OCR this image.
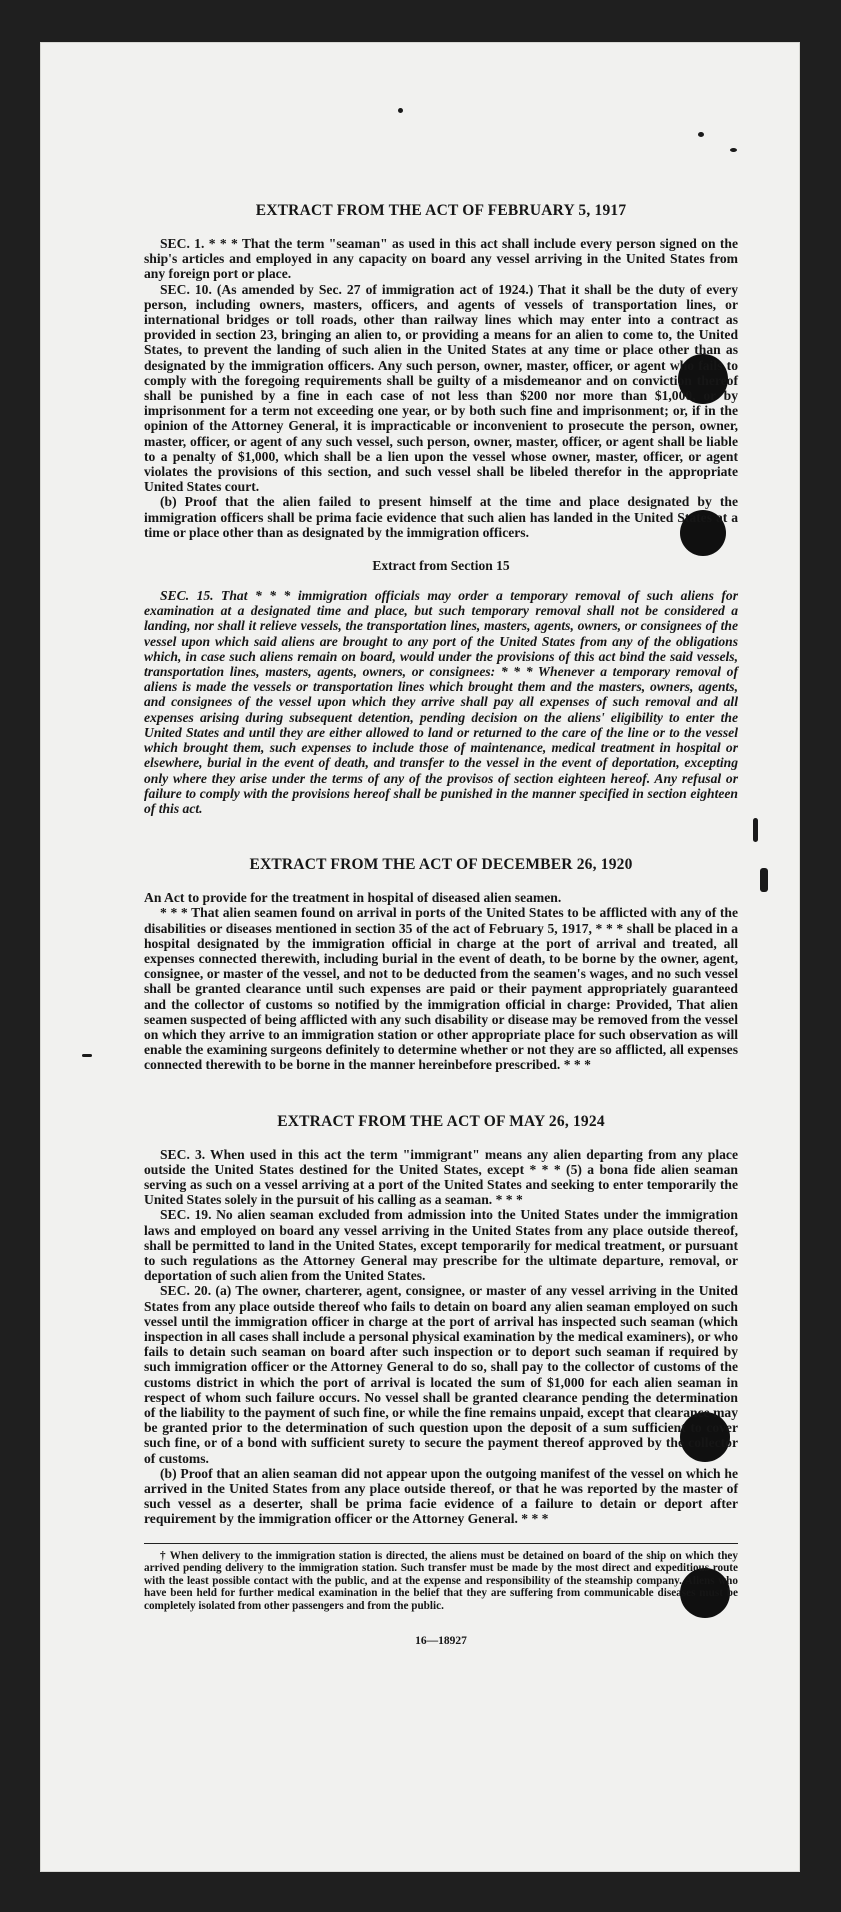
EXTRACT FROM THE ACT OF FEBRUARY 5, 1917

SEC. 1. * * * That the term "seaman" as used in this act shall include every person signed on the ship's articles and employed in any capacity on board any vessel arriving in the United States from any foreign port or place.

SEC. 10. (As amended by Sec. 27 of immigration act of 1924.) That it shall be the duty of every person, including owners, masters, officers, and agents of vessels of transportation lines, or international bridges or toll roads, other than railway lines which may enter into a contract as provided in section 23, bringing an alien to, or providing a means for an alien to come to, the United States, to prevent the landing of such alien in the United States at any time or place other than as designated by the immigration officers. Any such person, owner, master, officer, or agent who fails to comply with the foregoing requirements shall be guilty of a misdemeanor and on conviction thereof shall be punished by a fine in each case of not less than $200 nor more than $1,000, or by imprisonment for a term not exceeding one year, or by both such fine and imprisonment; or, if in the opinion of the Attorney General, it is impracticable or inconvenient to prosecute the person, owner, master, officer, or agent of any such vessel, such person, owner, master, officer, or agent shall be liable to a penalty of $1,000, which shall be a lien upon the vessel whose owner, master, officer, or agent violates the provisions of this section, and such vessel shall be libeled therefor in the appropriate United States court.

(b) Proof that the alien failed to present himself at the time and place designated by the immigration officers shall be prima facie evidence that such alien has landed in the United States at a time or place other than as designated by the immigration officers.

Extract from Section 15

SEC. 15. That * * * immigration officials may order a temporary removal of such aliens for examination at a designated time and place, but such temporary removal shall not be considered a landing, nor shall it relieve vessels, the transportation lines, masters, agents, owners, or consignees of the vessel upon which said aliens are brought to any port of the United States from any of the obligations which, in case such aliens remain on board, would under the provisions of this act bind the said vessels, transportation lines, masters, agents, owners, or consignees: * * * Whenever a temporary removal of aliens is made the vessels or transportation lines which brought them and the masters, owners, agents, and consignees of the vessel upon which they arrive shall pay all expenses of such removal and all expenses arising during subsequent detention, pending decision on the aliens' eligibility to enter the United States and until they are either allowed to land or returned to the care of the line or to the vessel which brought them, such expenses to include those of maintenance, medical treatment in hospital or elsewhere, burial in the event of death, and transfer to the vessel in the event of deportation, excepting only where they arise under the terms of any of the provisos of section eighteen hereof. Any refusal or failure to comply with the provisions hereof shall be punished in the manner specified in section eighteen of this act.

EXTRACT FROM THE ACT OF DECEMBER 26, 1920

An Act to provide for the treatment in hospital of diseased alien seamen.

* * * That alien seamen found on arrival in ports of the United States to be afflicted with any of the disabilities or diseases mentioned in section 35 of the act of February 5, 1917, * * * shall be placed in a hospital designated by the immigration official in charge at the port of arrival and treated, all expenses connected therewith, including burial in the event of death, to be borne by the owner, agent, consignee, or master of the vessel, and not to be deducted from the seamen's wages, and no such vessel shall be granted clearance until such expenses are paid or their payment appropriately guaranteed and the collector of customs so notified by the immigration official in charge: Provided, That alien seamen suspected of being afflicted with any such disability or disease may be removed from the vessel on which they arrive to an immigration station or other appropriate place for such observation as will enable the examining surgeons definitely to determine whether or not they are so afflicted, all expenses connected therewith to be borne in the manner hereinbefore prescribed. * * *

EXTRACT FROM THE ACT OF MAY 26, 1924

SEC. 3. When used in this act the term "immigrant" means any alien departing from any place outside the United States destined for the United States, except * * * (5) a bona fide alien seaman serving as such on a vessel arriving at a port of the United States and seeking to enter temporarily the United States solely in the pursuit of his calling as a seaman. * * *

SEC. 19. No alien seaman excluded from admission into the United States under the immigration laws and employed on board any vessel arriving in the United States from any place outside thereof, shall be permitted to land in the United States, except temporarily for medical treatment, or pursuant to such regulations as the Attorney General may prescribe for the ultimate departure, removal, or deportation of such alien from the United States.

SEC. 20. (a) The owner, charterer, agent, consignee, or master of any vessel arriving in the United States from any place outside thereof who fails to detain on board any alien seaman employed on such vessel until the immigration officer in charge at the port of arrival has inspected such seaman (which inspection in all cases shall include a personal physical examination by the medical examiners), or who fails to detain such seaman on board after such inspection or to deport such seaman if required by such immigration officer or the Attorney General to do so, shall pay to the collector of customs of the customs district in which the port of arrival is located the sum of $1,000 for each alien seaman in respect of whom such failure occurs. No vessel shall be granted clearance pending the determination of the liability to the payment of such fine, or while the fine remains unpaid, except that clearance may be granted prior to the determination of such question upon the deposit of a sum sufficient to cover such fine, or of a bond with sufficient surety to secure the payment thereof approved by the collector of customs.

(b) Proof that an alien seaman did not appear upon the outgoing manifest of the vessel on which he arrived in the United States from any place outside thereof, or that he was reported by the master of such vessel as a deserter, shall be prima facie evidence of a failure to detain or deport after requirement by the immigration officer or the Attorney General. * * *

† When delivery to the immigration station is directed, the aliens must be detained on board of the ship on which they arrived pending delivery to the immigration station. Such transfer must be made by the most direct and expeditious route with the least possible contact with the public, and at the expense and responsibility of the steamship company. Aliens who have been held for further medical examination in the belief that they are suffering from communicable diseases must be completely isolated from other passengers and from the public.

16—18927
